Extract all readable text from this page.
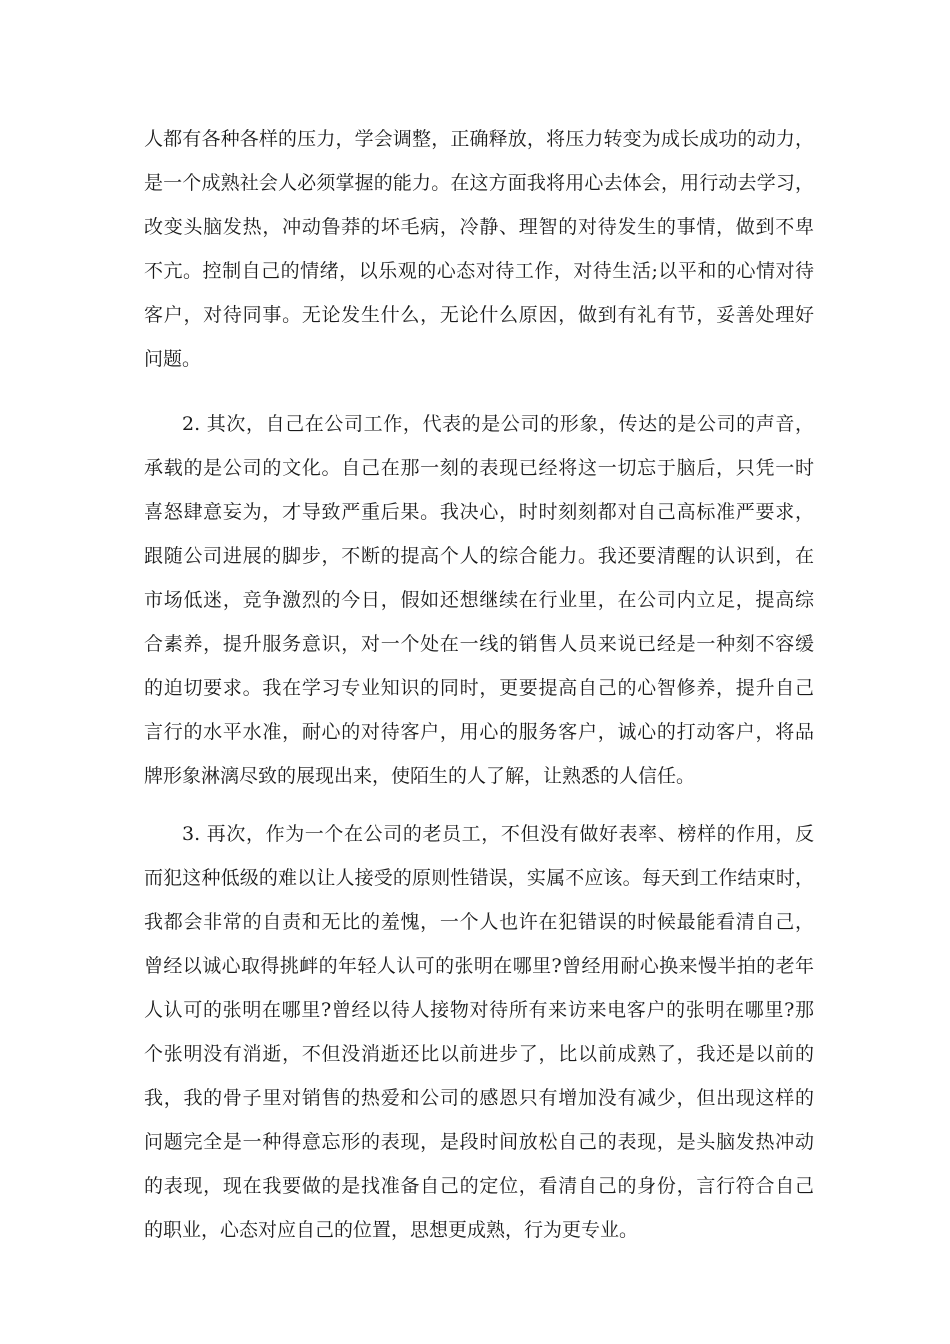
人都有各种各样的压力，学会调整，正确释放，将压力转变为成长成功的动力，
是一个成熟社会人必须掌握的能力。在这方面我将用心去体会，用行动去学习，
改变头脑发热，冲动鲁莽的坏毛病，冷静、理智的对待发生的事情，做到不卑
不亢。控制自己的情绪，以乐观的心态对待工作，对待生活;以平和的心情对待
客户，对待同事。无论发生什么，无论什么原因，做到有礼有节，妥善处理好
问题。
2. 其次，自己在公司工作，代表的是公司的形象，传达的是公司的声音，
承载的是公司的文化。自己在那一刻的表现已经将这一切忘于脑后，只凭一时
喜怒肆意妄为，才导致严重后果。我决心，时时刻刻都对自己高标准严要求，
跟随公司进展的脚步，不断的提高个人的综合能力。我还要清醒的认识到，在
市场低迷，竞争激烈的今日，假如还想继续在行业里，在公司内立足，提高综
合素养，提升服务意识，对一个处在一线的销售人员来说已经是一种刻不容缓
的迫切要求。我在学习专业知识的同时，更要提高自己的心智修养，提升自己
言行的水平水准，耐心的对待客户，用心的服务客户，诚心的打动客户，将品
牌形象淋漓尽致的展现出来，使陌生的人了解，让熟悉的人信任。
3. 再次，作为一个在公司的老员工，不但没有做好表率、榜样的作用，反
而犯这种低级的难以让人接受的原则性错误，实属不应该。每天到工作结束时，
我都会非常的自责和无比的羞愧，一个人也许在犯错误的时候最能看清自己，
曾经以诚心取得挑衅的年轻人认可的张明在哪里?曾经用耐心换来慢半拍的老年
人认可的张明在哪里?曾经以待人接物对待所有来访来电客户的张明在哪里?那
个张明没有消逝，不但没消逝还比以前进步了，比以前成熟了，我还是以前的
我，我的骨子里对销售的热爱和公司的感恩只有增加没有减少，但出现这样的
问题完全是一种得意忘形的表现，是段时间放松自己的表现，是头脑发热冲动
的表现，现在我要做的是找准备自己的定位，看清自己的身份，言行符合自己
的职业，心态对应自己的位置，思想更成熟，行为更专业。
